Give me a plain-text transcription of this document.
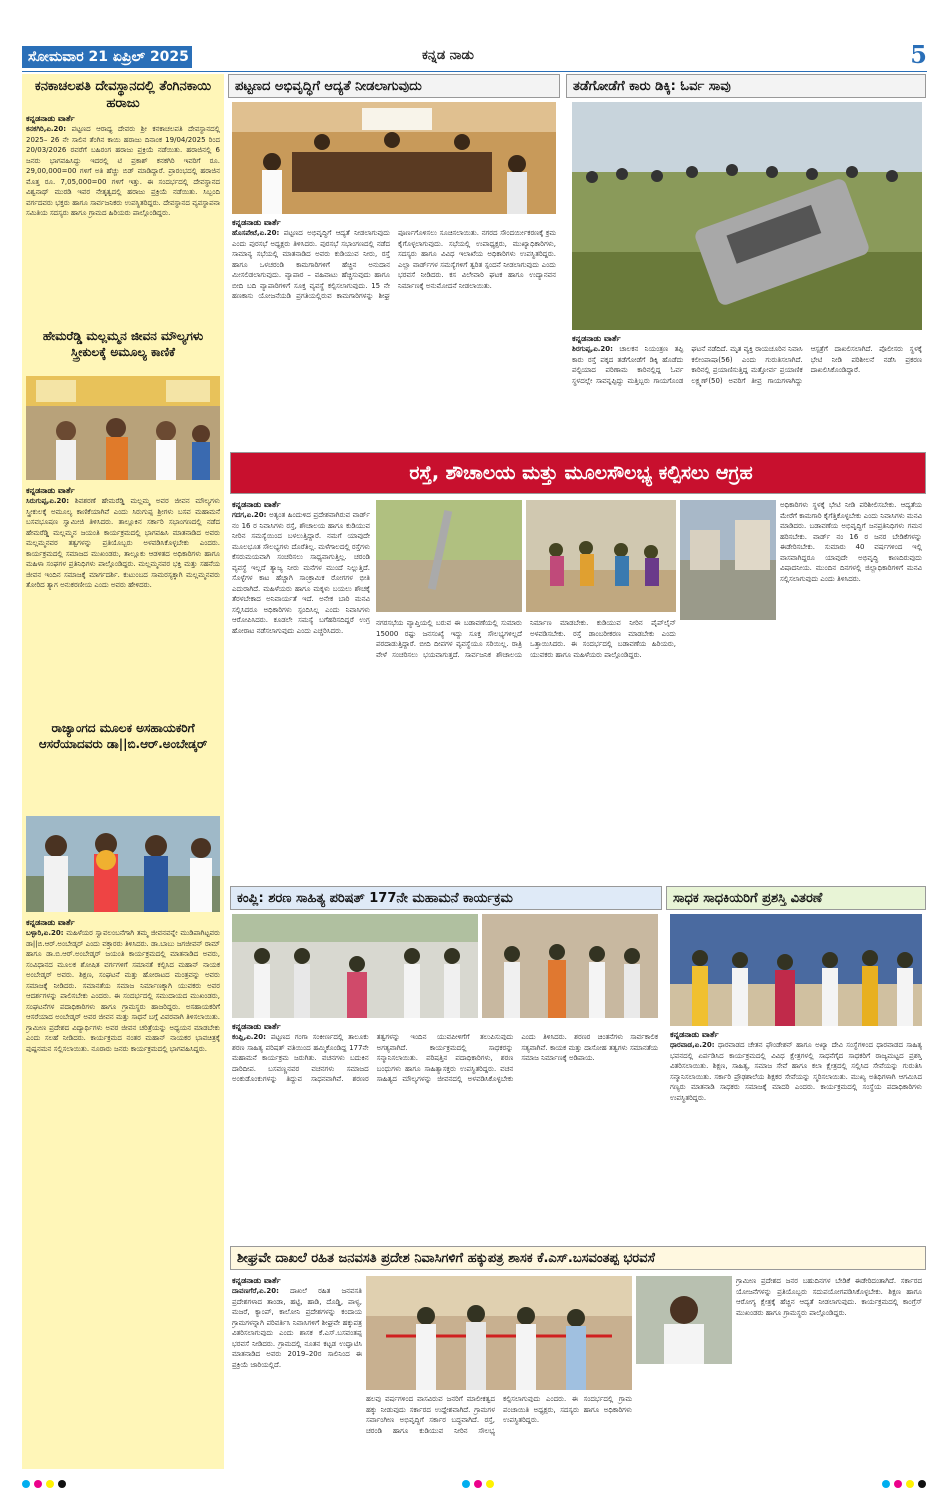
ಸೋಮವಾರ 21 ಏಪ್ರಿಲ್ 2025	ಕನ್ನಡ ನಾಡು	5
ಕನಕಾಚಲಪತಿ ದೇವಸ್ಥಾನದಲ್ಲಿ ತೆಂಗಿನಕಾಯಿ ಹರಾಜು
ಕನ್ನಡನಾಡು ವಾರ್ತೆ
ಕನಕಗಿರಿ,ಏ.20: ಪಟ್ಟಣದ ಆರಾಧ್ಯ ದೇವರು ಶ್ರೀ ಕನಕಾಚಲಪತಿ ದೇವಸ್ಥಾನದಲ್ಲಿ 2025– 26 ನೇ ಸಾಲಿನ ತೆಂಗಿನ ಕಾಯಿ ಹರಾಜು ದಿನಾಂಕ 19/04/2025 ರಿಂದ 20/03/2026 ರವರೆಗೆ ಬಹಿರಂಗ ಹರಾಜು ಪ್ರಕ್ರಿಯೆ ನಡೆಯಿತು. ಹರಾಜಿನಲ್ಲಿ 6 ಜನರು ಭಾಗವಹಿಸಿದ್ದು ಇದರಲ್ಲಿ ಟಿ ಪ್ರಕಾಶ್ ಕನಕಗಿರಿ ಇವರಿಗೆ ರೂ. 29,00,000=00 ಗಳಿಗೆ ಅತಿ ಹೆಚ್ಚು ಬಿಡ್ ಮಾಡಿದ್ದಾರೆ. ಪ್ರಾರಂಭದಲ್ಲಿ ಹರಾಜಿನ ಮೊತ್ತ ರೂ. 7,05,000=00 ಗಳಿಗೆ ಇತ್ತು. ಈ ಸಂದರ್ಭದಲ್ಲಿ ದೇವಸ್ಥಾನದ ವಿಶ್ವನಾಥ್ ಮುರಡಿ ಇವರ ನೇತೃತ್ವದಲ್ಲಿ ಹರಾಜು ಪ್ರಕ್ರಿಯೆ ನಡೆಯಿತು. ಸಿಬ್ಬಂದಿ ವರ್ಗದವರು ಭಕ್ತರು ಹಾಗೂ ಸಾರ್ವಜನಿಕರು ಉಪಸ್ಥಿತರಿದ್ದರು. ದೇವಸ್ಥಾನದ ವ್ಯವಸ್ಥಾಪನಾ ಸಮಿತಿಯ ಸದಸ್ಯರು ಹಾಗೂ ಗ್ರಾಮದ ಹಿರಿಯರು ಪಾಲ್ಗೊಂಡಿದ್ದರು.
ಹೇಮರೆಡ್ಡಿ ಮಲ್ಲಮ್ಮನ ಜೀವನ ಮೌಲ್ಯಗಳು ಸ್ತ್ರೀಕುಲಕ್ಕೆ ಅಮೂಲ್ಯ ಕಾಣಿಕೆ
ಕನ್ನಡನಾಡು ವಾರ್ತೆ
ಸಿರುಗುಪ್ಪ,ಏ.20: ಶಿವಶರಣೆ ಹೇಮರೆಡ್ಡಿ ಮಲ್ಲಮ್ಮ ಅವರ ಜೀವನ ಮೌಲ್ಯಗಳು ಸ್ತ್ರೀಕುಲಕ್ಕೆ ಅಮೂಲ್ಯ ಕಾಣಿಕೆಯಾಗಿವೆ ಎಂದು ಸಿರುಗುಪ್ಪ ಶ್ರೀಗಳು ಬಸವ ಮಹಾಮನೆ ಬಸವಭೂಷಣ ಸ್ವಾಮೀಜಿ ತಿಳಿಸಿದರು. ತಾಲ್ಲೂಕಿನ ಸರ್ಕಾರಿ ಸಭಾಂಗಣದಲ್ಲಿ ನಡೆದ ಹೇಮರೆಡ್ಡಿ ಮಲ್ಲಮ್ಮನ ಜಯಂತಿ ಕಾರ್ಯಕ್ರಮದಲ್ಲಿ ಭಾಗವಹಿಸಿ ಮಾತನಾಡಿದ ಅವರು ಮಲ್ಲಮ್ಮನವರ ತತ್ವಗಳನ್ನು ಪ್ರತಿಯೊಬ್ಬರು ಅಳವಡಿಸಿಕೊಳ್ಳಬೇಕು ಎಂದರು. ಕಾರ್ಯಕ್ರಮದಲ್ಲಿ ಸಮಾಜದ ಮುಖಂಡರು, ತಾಲ್ಲೂಕು ಆಡಳಿತದ ಅಧಿಕಾರಿಗಳು ಹಾಗೂ ಮಹಿಳಾ ಸಂಘಗಳ ಪ್ರತಿನಿಧಿಗಳು ಪಾಲ್ಗೊಂಡಿದ್ದರು. ಮಲ್ಲಮ್ಮನವರ ಭಕ್ತಿ ಮತ್ತು ಸಹನೆಯ ಜೀವನ ಇಂದಿನ ಸಮಾಜಕ್ಕೆ ಮಾರ್ಗದರ್ಶಿ. ಕುಟುಂಬದ ಸಾಮರಸ್ಯಕ್ಕಾಗಿ ಮಲ್ಲಮ್ಮನವರು ತೋರಿದ ತ್ಯಾಗ ಅನುಕರಣೀಯ ಎಂದು ಅವರು ಹೇಳಿದರು.
ರಾಜ್ಯಾಂಗದ ಮೂಲಕ ಅಸಹಾಯಕರಿಗೆ ಆಸರೆಯಾದವರು ಡಾ||ಬಿ.ಆರ್.ಅಂಬೇಡ್ಕರ್
ಕನ್ನಡನಾಡು ವಾರ್ತೆ
ಬಳ್ಳಾರಿ,ಏ.20: ಮಹಿಳೆಯರ ಸ್ವಾವಲಂಬನೆಗಾಗಿ ತಮ್ಮ ಜೀವನವನ್ನೇ ಮುಡಿಪಾಗಿಟ್ಟವರು ಡಾ||ಬಿ.ಆರ್.ಅಂಬೇಡ್ಕರ್ ಎಂದು ವಕ್ತಾರರು ತಿಳಿಸಿದರು. ಡಾ.ಬಾಬು ಜಗಜೀವನ್ ರಾಮ್ ಹಾಗೂ ಡಾ.ಬಿ.ಆರ್.ಅಂಬೇಡ್ಕರ್ ಜಯಂತಿ ಕಾರ್ಯಕ್ರಮದಲ್ಲಿ ಮಾತನಾಡಿದ ಅವರು, ಸಂವಿಧಾನದ ಮೂಲಕ ಶೋಷಿತ ವರ್ಗಗಳಿಗೆ ಸಮಾನತೆ ಕಲ್ಪಿಸಿದ ಮಹಾನ್ ನಾಯಕ ಅಂಬೇಡ್ಕರ್ ಅವರು. ಶಿಕ್ಷಣ, ಸಂಘಟನೆ ಮತ್ತು ಹೋರಾಟದ ಮಂತ್ರವನ್ನು ಅವರು ಸಮಾಜಕ್ಕೆ ನೀಡಿದರು. ಸಮಾನತೆಯ ಸಮಾಜ ನಿರ್ಮಾಣಕ್ಕಾಗಿ ಯುವಕರು ಅವರ ಆದರ್ಶಗಳನ್ನು ಪಾಲಿಸಬೇಕು ಎಂದರು. ಈ ಸಂದರ್ಭದಲ್ಲಿ ಸಮುದಾಯದ ಮುಖಂಡರು, ಸಂಘಟನೆಗಳ ಪದಾಧಿಕಾರಿಗಳು ಹಾಗೂ ಗ್ರಾಮಸ್ಥರು ಹಾಜರಿದ್ದರು. ಅಸಹಾಯಕರಿಗೆ ಆಸರೆಯಾದ ಅಂಬೇಡ್ಕರ್ ಅವರ ಜೀವನ ಮತ್ತು ಸಾಧನೆ ಬಗ್ಗೆ ವಿವರವಾಗಿ ತಿಳಿಸಲಾಯಿತು. ಗ್ರಾಮೀಣ ಪ್ರದೇಶದ ವಿದ್ಯಾರ್ಥಿಗಳು ಅವರ ಜೀವನ ಚರಿತ್ರೆಯನ್ನು ಅಧ್ಯಯನ ಮಾಡಬೇಕು ಎಂದು ಸಲಹೆ ನೀಡಿದರು. ಕಾರ್ಯಕ್ರಮದ ನಂತರ ಮಹಾನ್ ನಾಯಕರ ಭಾವಚಿತ್ರಕ್ಕೆ ಪುಷ್ಪನಮನ ಸಲ್ಲಿಸಲಾಯಿತು. ನೂರಾರು ಜನರು ಕಾರ್ಯಕ್ರಮದಲ್ಲಿ ಭಾಗವಹಿಸಿದ್ದರು.
ಪಟ್ಟಣದ ಅಭಿವೃದ್ಧಿಗೆ ಆದ್ಯತೆ ನೀಡಲಾಗುವುದು
ಕನ್ನಡನಾಡು ವಾರ್ತೆ
ಹೊಸಪೇಟೆ,ಏ.20: ಪಟ್ಟಣದ ಅಭಿವೃದ್ಧಿಗೆ ಆದ್ಯತೆ ನೀಡಲಾಗುವುದು ಎಂದು ಪುರಸಭೆ ಅಧ್ಯಕ್ಷರು ತಿಳಿಸಿದರು. ಪುರಸಭೆ ಸಭಾಂಗಣದಲ್ಲಿ ನಡೆದ ಸಾಮಾನ್ಯ ಸಭೆಯಲ್ಲಿ ಮಾತನಾಡಿದ ಅವರು ಕುಡಿಯುವ ನೀರು, ರಸ್ತೆ ಹಾಗೂ ಒಳಚರಂಡಿ ಕಾಮಗಾರಿಗಳಿಗೆ ಹೆಚ್ಚಿನ ಅನುದಾನ ಮೀಸಲಿಡಲಾಗುವುದು. ವ್ಯಾಪಾರ – ವಹಿವಾಟು ಹೆಚ್ಚಿಸುವುದು ಹಾಗೂ ಬೀದಿ ಬದಿ ವ್ಯಾಪಾರಿಗಳಿಗೆ ಸೂಕ್ತ ವ್ಯವಸ್ಥೆ ಕಲ್ಪಿಸಲಾಗುವುದು. 15 ನೇ ಹಣಕಾಸು ಯೋಜನೆಯಡಿ ಪ್ರಗತಿಯಲ್ಲಿರುವ ಕಾಮಗಾರಿಗಳನ್ನು ಶೀಘ್ರ ಪೂರ್ಣಗೊಳಿಸಲು ಸೂಚಿಸಲಾಯಿತು. ನಗರದ ಸೌಂದರ್ಯೀಕರಣಕ್ಕೆ ಕ್ರಮ ಕೈಗೊಳ್ಳಲಾಗುವುದು. ಸಭೆಯಲ್ಲಿ ಉಪಾಧ್ಯಕ್ಷರು, ಮುಖ್ಯಾಧಿಕಾರಿಗಳು, ಸದಸ್ಯರು ಹಾಗೂ ವಿವಿಧ ಇಲಾಖೆಯ ಅಧಿಕಾರಿಗಳು ಉಪಸ್ಥಿತರಿದ್ದರು. ಎಲ್ಲಾ ವಾರ್ಡ್‌ಗಳ ಸಮಸ್ಯೆಗಳಿಗೆ ತ್ವರಿತ ಸ್ಪಂದನೆ ನೀಡಲಾಗುವುದು ಎಂದು ಭರವಸೆ ನೀಡಿದರು. ಕಸ ವಿಲೇವಾರಿ ಘಟಕ ಹಾಗೂ ಉದ್ಯಾನವನ ನಿರ್ಮಾಣಕ್ಕೆ ಅನುಮೋದನೆ ನೀಡಲಾಯಿತು.
ತಡೆಗೋಡೆಗೆ ಕಾರು ಡಿಕ್ಕಿ: ಓರ್ವ ಸಾವು
ಕನ್ನಡನಾಡು ವಾರ್ತೆ
ಶಿರಗುಪ್ಪ,ಏ.20: ಚಾಲಕನ ನಿಯಂತ್ರಣ ತಪ್ಪಿ ಕಾರು ರಸ್ತೆ ಪಕ್ಕದ ತಡೆಗೋಡೆಗೆ ಡಿಕ್ಕಿ ಹೊಡೆದು ಪಲ್ಟಿಯಾದ ಪರಿಣಾಮ ಕಾರಿನಲ್ಲಿದ್ದ ಓರ್ವ ಸ್ಥಳದಲ್ಲೇ ಸಾವನ್ನಪ್ಪಿದ್ದು ಮತ್ತಿಬ್ಬರು ಗಾಯಗೊಂಡ ಘಟನೆ ನಡೆದಿದೆ. ಮೃತ ವ್ಯಕ್ತಿ ರಾಯಚೂರಿನ ನಿವಾಸಿ ಕಲೀಂಪಾಷಾ(56) ಎಂದು ಗುರುತಿಸಲಾಗಿದೆ. ಕಾರಿನಲ್ಲಿ ಪ್ರಯಾಣಿಸುತ್ತಿದ್ದ ಮತ್ತೋರ್ವ ಪ್ರಯಾಣಿಕ ಲಕ್ಷ್ಮಣ್(50) ಅವರಿಗೆ ತೀವ್ರ ಗಾಯಗಳಾಗಿದ್ದು ಆಸ್ಪತ್ರೆಗೆ ದಾಖಲಿಸಲಾಗಿದೆ. ಪೊಲೀಸರು ಸ್ಥಳಕ್ಕೆ ಭೇಟಿ ನೀಡಿ ಪರಿಶೀಲನೆ ನಡೆಸಿ ಪ್ರಕರಣ ದಾಖಲಿಸಿಕೊಂಡಿದ್ದಾರೆ.
ರಸ್ತೆ, ಶೌಚಾಲಯ ಮತ್ತು ಮೂಲಸೌಲಭ್ಯ ಕಲ್ಪಿಸಲು ಆಗ್ರಹ
ಕನ್ನಡನಾಡು ವಾರ್ತೆ
ಗದಗ,ಏ.20: ಅತ್ಯಂತ ಹಿಂದುಳಿದ ಪ್ರದೇಶವಾಗಿರುವ ವಾರ್ಡ್ ನಂ 16 ರ ನಿವಾಸಿಗಳು ರಸ್ತೆ, ಶೌಚಾಲಯ ಹಾಗೂ ಕುಡಿಯುವ ನೀರಿನ ಸಮಸ್ಯೆಯಿಂದ ಬಳಲುತ್ತಿದ್ದಾರೆ. ನಮಗೆ ಯಾವುದೇ ಮೂಲಭೂತ ಸೌಲಭ್ಯಗಳು ದೊರೆತಿಲ್ಲ. ಮಳೆಗಾಲದಲ್ಲಿ ರಸ್ತೆಗಳು ಕೆಸರುಮಯವಾಗಿ ಸಂಚರಿಸಲು ಸಾಧ್ಯವಾಗುತ್ತಿಲ್ಲ. ಚರಂಡಿ ವ್ಯವಸ್ಥೆ ಇಲ್ಲದೆ ತ್ಯಾಜ್ಯ ನೀರು ಮನೆಗಳ ಮುಂದೆ ನಿಲ್ಲುತ್ತಿದೆ. ಸೊಳ್ಳೆಗಳ ಕಾಟ ಹೆಚ್ಚಾಗಿ ಸಾಂಕ್ರಾಮಿಕ ರೋಗಗಳ ಭೀತಿ ಎದುರಾಗಿದೆ. ಮಹಿಳೆಯರು ಹಾಗೂ ಮಕ್ಕಳು ಬಯಲು ಶೌಚಕ್ಕೆ ತೆರಳಬೇಕಾದ ಅನಿವಾರ್ಯತೆ ಇದೆ. ಅನೇಕ ಬಾರಿ ಮನವಿ ಸಲ್ಲಿಸಿದರೂ ಅಧಿಕಾರಿಗಳು ಸ್ಪಂದಿಸಿಲ್ಲ ಎಂದು ನಿವಾಸಿಗಳು ಆರೋಪಿಸಿದರು. ಕೂಡಲೇ ಸಮಸ್ಯೆ ಬಗೆಹರಿಸದಿದ್ದರೆ ಉಗ್ರ ಹೋರಾಟ ನಡೆಸಲಾಗುವುದು ಎಂದು ಎಚ್ಚರಿಸಿದರು.
ನಗರಸಭೆಯ ವ್ಯಾಪ್ತಿಯಲ್ಲಿ ಬರುವ ಈ ಬಡಾವಣೆಯಲ್ಲಿ ಸುಮಾರು 15000 ರಷ್ಟು ಜನಸಂಖ್ಯೆ ಇದ್ದು ಸೂಕ್ತ ಸೌಲಭ್ಯಗಳಿಲ್ಲದೆ ಪರದಾಡುತ್ತಿದ್ದಾರೆ. ಬೀದಿ ದೀಪಗಳ ವ್ಯವಸ್ಥೆಯೂ ಸರಿಯಿಲ್ಲ. ರಾತ್ರಿ ವೇಳೆ ಸಂಚರಿಸಲು ಭಯವಾಗುತ್ತದೆ. ಸಾರ್ವಜನಿಕ ಶೌಚಾಲಯ ನಿರ್ಮಾಣ ಮಾಡಬೇಕು. ಕುಡಿಯುವ ನೀರಿನ ಪೈಪ್‌ಲೈನ್ ಅಳವಡಿಸಬೇಕು. ರಸ್ತೆ ಡಾಂಬರೀಕರಣ ಮಾಡಬೇಕು ಎಂದು ಒತ್ತಾಯಿಸಿದರು. ಈ ಸಂದರ್ಭದಲ್ಲಿ ಬಡಾವಣೆಯ ಹಿರಿಯರು, ಯುವಕರು ಹಾಗೂ ಮಹಿಳೆಯರು ಪಾಲ್ಗೊಂಡಿದ್ದರು.
ಅಧಿಕಾರಿಗಳು ಸ್ಥಳಕ್ಕೆ ಭೇಟಿ ನೀಡಿ ಪರಿಶೀಲಿಸಬೇಕು. ಆದ್ಯತೆಯ ಮೇರೆಗೆ ಕಾಮಗಾರಿ ಕೈಗೆತ್ತಿಕೊಳ್ಳಬೇಕು ಎಂದು ನಿವಾಸಿಗಳು ಮನವಿ ಮಾಡಿದರು. ಬಡಾವಣೆಯ ಅಭಿವೃದ್ಧಿಗೆ ಜನಪ್ರತಿನಿಧಿಗಳು ಗಮನ ಹರಿಸಬೇಕು. ವಾರ್ಡ್ ನಂ 16 ರ ಜನರ ಬೇಡಿಕೆಗಳನ್ನು ಈಡೇರಿಸಬೇಕು. ಸುಮಾರು 40 ವರ್ಷಗಳಿಂದ ಇಲ್ಲಿ ವಾಸವಾಗಿದ್ದರೂ ಯಾವುದೇ ಅಭಿವೃದ್ಧಿ ಕಾಣದಿರುವುದು ವಿಷಾದನೀಯ. ಮುಂದಿನ ದಿನಗಳಲ್ಲಿ ಜಿಲ್ಲಾಧಿಕಾರಿಗಳಿಗೆ ಮನವಿ ಸಲ್ಲಿಸಲಾಗುವುದು ಎಂದು ತಿಳಿಸಿದರು.
ಕಂಪ್ಲಿ: ಶರಣ ಸಾಹಿತ್ಯ ಪರಿಷತ್ 177ನೇ ಮಹಾಮನೆ ಕಾರ್ಯಕ್ರಮ
ಕನ್ನಡನಾಡು ವಾರ್ತೆ
ಕಂಪ್ಲಿ,ಏ.20: ಪಟ್ಟಣದ ಗಂಗಾ ಸಂಕೀರ್ಣದಲ್ಲಿ ತಾಲೂಕು ಶರಣ ಸಾಹಿತ್ಯ ಪರಿಷತ್ ವತಿಯಿಂದ ಹಮ್ಮಿಕೊಂಡಿದ್ದ 177ನೇ ಮಹಾಮನೆ ಕಾರ್ಯಕ್ರಮ ಜರುಗಿತು. ವಚನಗಳು ಬದುಕಿನ ದಾರಿದೀಪ. ಬಸವಣ್ಣನವರ ವಚನಗಳು ಸಮಾಜದ ಅಂಕುಡೊಂಕುಗಳನ್ನು ತಿದ್ದುವ ಸಾಧನವಾಗಿವೆ. ಶರಣರ ತತ್ವಗಳನ್ನು ಇಂದಿನ ಯುವಪೀಳಿಗೆಗೆ ತಲುಪಿಸುವುದು ಅಗತ್ಯವಾಗಿದೆ. ಕಾರ್ಯಕ್ರಮದಲ್ಲಿ ಸಾಧಕರನ್ನು ಸನ್ಮಾನಿಸಲಾಯಿತು. ಪರಿಷತ್ತಿನ ಪದಾಧಿಕಾರಿಗಳು, ಶರಣ ಬಂಧುಗಳು ಹಾಗೂ ಸಾಹಿತ್ಯಾಸಕ್ತರು ಉಪಸ್ಥಿತರಿದ್ದರು. ವಚನ ಸಾಹಿತ್ಯದ ಮೌಲ್ಯಗಳನ್ನು ಜೀವನದಲ್ಲಿ ಅಳವಡಿಸಿಕೊಳ್ಳಬೇಕು ಎಂದು ತಿಳಿಸಿದರು. ಶರಣರ ಚಿಂತನೆಗಳು ಸಾರ್ವಕಾಲಿಕ ಸತ್ಯವಾಗಿವೆ. ಕಾಯಕ ಮತ್ತು ದಾಸೋಹ ತತ್ವಗಳು ಸಮಾನತೆಯ ಸಮಾಜ ನಿರ್ಮಾಣಕ್ಕೆ ಅಡಿಪಾಯ.
ಸಾಧಕ ಸಾಧಕಿಯರಿಗೆ ಪ್ರಶಸ್ತಿ ವಿತರಣೆ
ಕನ್ನಡನಾಡು ವಾರ್ತೆ
ಧಾರವಾಡ,ಏ.20: ಧಾರವಾಡದ ಚೇತನ ಫೌಂಡೇಶನ್ ಹಾಗೂ ಅಖ್ಯಾ ದೇವಿ ಸಂಸ್ಥೆಗಳಿಂದ ಧಾರವಾಡದ ಸಾಹಿತ್ಯ ಭವನದಲ್ಲಿ ಏರ್ಪಡಿಸಿದ ಕಾರ್ಯಕ್ರಮದಲ್ಲಿ ವಿವಿಧ ಕ್ಷೇತ್ರಗಳಲ್ಲಿ ಸಾಧನೆಗೈದ ಸಾಧಕರಿಗೆ ರಾಜ್ಯಮಟ್ಟದ ಪ್ರಶಸ್ತಿ ವಿತರಿಸಲಾಯಿತು. ಶಿಕ್ಷಣ, ಸಾಹಿತ್ಯ, ಸಮಾಜ ಸೇವೆ ಹಾಗೂ ಕಲಾ ಕ್ಷೇತ್ರದಲ್ಲಿ ಸಲ್ಲಿಸಿದ ಸೇವೆಯನ್ನು ಗುರುತಿಸಿ ಸನ್ಮಾನಿಸಲಾಯಿತು. ಸರ್ಕಾರಿ ಪ್ರೌಢಶಾಲೆಯ ಶಿಕ್ಷಕರ ಸೇವೆಯನ್ನು ಸ್ಮರಿಸಲಾಯಿತು. ಮುಖ್ಯ ಅತಿಥಿಗಳಾಗಿ ಆಗಮಿಸಿದ ಗಣ್ಯರು ಮಾತನಾಡಿ ಸಾಧಕರು ಸಮಾಜಕ್ಕೆ ಮಾದರಿ ಎಂದರು. ಕಾರ್ಯಕ್ರಮದಲ್ಲಿ ಸಂಸ್ಥೆಯ ಪದಾಧಿಕಾರಿಗಳು ಉಪಸ್ಥಿತರಿದ್ದರು.
ಶೀಘ್ರವೇ ದಾಖಲೆ ರಹಿತ ಜನವಸತಿ ಪ್ರದೇಶ ನಿವಾಸಿಗಳಿಗೆ ಹಕ್ಕುಪತ್ರ ಶಾಸಕ ಕೆ.ಎಸ್.ಬಸವಂತಪ್ಪ ಭರವಸೆ
ಕನ್ನಡನಾಡು ವಾರ್ತೆ
ದಾವಣಗೆರೆ,ಏ.20: ದಾಖಲೆ ರಹಿತ ಜನವಸತಿ ಪ್ರದೇಶಗಳಾದ ತಾಂಡಾ, ಹಟ್ಟಿ, ಹಾಡಿ, ದೊಡ್ಡಿ, ಪಾಳ್ಯ, ಮಜರೆ, ಕ್ಯಾಂಪ್, ಕಾಲೋನಿ ಪ್ರದೇಶಗಳನ್ನು ಕಂದಾಯ ಗ್ರಾಮಗಳನ್ನಾಗಿ ಪರಿವರ್ತಿಸಿ ನಿವಾಸಿಗಳಿಗೆ ಶೀಘ್ರವೇ ಹಕ್ಕುಪತ್ರ ವಿತರಿಸಲಾಗುವುದು ಎಂದು ಶಾಸಕ ಕೆ.ಎಸ್.ಬಸವಂತಪ್ಪ ಭರವಸೆ ನೀಡಿದರು. ಗ್ರಾಮದಲ್ಲಿ ನೂತನ ಕಟ್ಟಡ ಉದ್ಘಾಟಿಸಿ ಮಾತನಾಡಿದ ಅವರು 2019–20ರ ಸಾಲಿನಿಂದ ಈ ಪ್ರಕ್ರಿಯೆ ಜಾರಿಯಲ್ಲಿದೆ.
ಹಲವು ವರ್ಷಗಳಿಂದ ವಾಸವಿರುವ ಜನರಿಗೆ ಮಾಲೀಕತ್ವದ ಹಕ್ಕು ನೀಡುವುದು ಸರ್ಕಾರದ ಉದ್ದೇಶವಾಗಿದೆ. ಗ್ರಾಮಗಳ ಸರ್ವಾಂಗೀಣ ಅಭಿವೃದ್ಧಿಗೆ ಸರ್ಕಾರ ಬದ್ಧವಾಗಿದೆ. ರಸ್ತೆ, ಚರಂಡಿ ಹಾಗೂ ಕುಡಿಯುವ ನೀರಿನ ಸೌಲಭ್ಯ ಕಲ್ಪಿಸಲಾಗುವುದು ಎಂದರು. ಈ ಸಂದರ್ಭದಲ್ಲಿ ಗ್ರಾಮ ಪಂಚಾಯಿತಿ ಅಧ್ಯಕ್ಷರು, ಸದಸ್ಯರು ಹಾಗೂ ಅಧಿಕಾರಿಗಳು ಉಪಸ್ಥಿತರಿದ್ದರು.
ಗ್ರಾಮೀಣ ಪ್ರದೇಶದ ಜನರ ಬಹುದಿನಗಳ ಬೇಡಿಕೆ ಈಡೇರಿದಂತಾಗಿದೆ. ಸರ್ಕಾರದ ಯೋಜನೆಗಳನ್ನು ಪ್ರತಿಯೊಬ್ಬರು ಸದುಪಯೋಗಪಡಿಸಿಕೊಳ್ಳಬೇಕು. ಶಿಕ್ಷಣ ಹಾಗೂ ಆರೋಗ್ಯ ಕ್ಷೇತ್ರಕ್ಕೆ ಹೆಚ್ಚಿನ ಆದ್ಯತೆ ನೀಡಲಾಗುವುದು. ಕಾರ್ಯಕ್ರಮದಲ್ಲಿ ಕಾಂಗ್ರೆಸ್ ಮುಖಂಡರು ಹಾಗೂ ಗ್ರಾಮಸ್ಥರು ಪಾಲ್ಗೊಂಡಿದ್ದರು.
